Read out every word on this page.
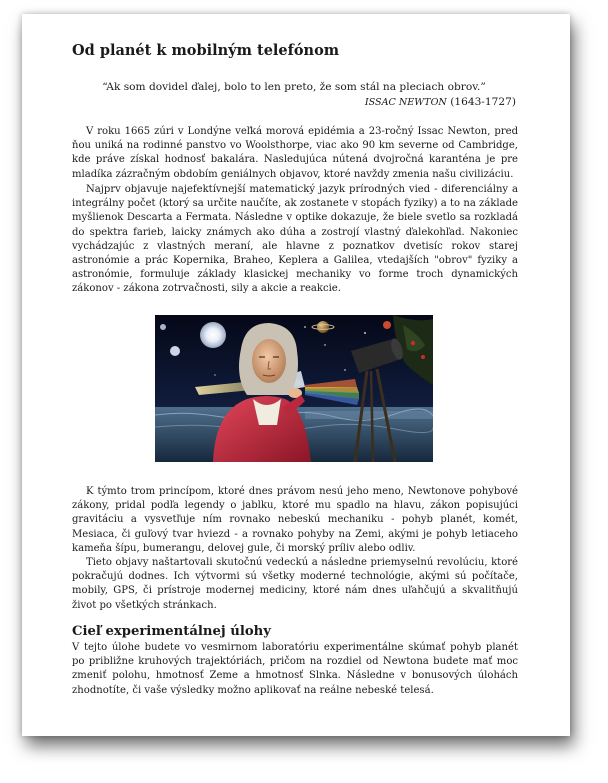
Od planét k mobilným telefónom
“Ak som dovidel ďalej, bolo to len preto, že som stál na pleciach obrov.”
ISSAC NEWTON (1643-1727)

V roku 1665 zúri v Londýne veľká morová epidémia a 23-ročný Issac Newton, pred ňou uniká na rodinné panstvo vo Woolsthorpe, viac ako 90 km severne od Cambridge, kde práve získal hodnosť bakalára. Nasledujúca nútená dvojročná karanténa je pre mladíka zázračným obdobím geniálnych objavov, ktoré navždy zmenia našu civilizáciu.

Najprv objavuje najefektívnejší matematický jazyk prírodných vied - diferenciálny a integrálny počet (ktorý sa určite naučíte, ak zostanete v stopách fyziky) a to na základe myšlienok Descarta a Fermata. Následne v optike dokazuje, že biele svetlo sa rozkladá do spektra farieb, laicky známych ako dúha a zostrojí vlastný ďalekohľad. Nakoniec vychádzajúc z vlastných meraní, ale hlavne z poznatkov dvetisíc rokov starej astronómie a prác Kopernika, Braheo, Keplera a Galilea, vtedajších "obrov" fyziky a astronómie, formuluje základy klasickej mechaniky vo forme troch dynamických zákonov - zákona zotrvačnosti, sily a akcie a reakcie.

K týmto trom princípom, ktoré dnes právom nesú jeho meno, Newtonove pohybové zákony, pridal podľa legendy o jablku, ktoré mu spadlo na hlavu, zákon popisujúci gravitáciu a vysvetľuje ním rovnako nebeskú mechaniku - pohyb planét, komét, Mesiaca, či guľový tvar hviezd - a rovnako pohyby na Zemi, akými je pohyb letiaceho kameňa šípu, bumerangu, delovej gule, či morský príliv alebo odliv.

Tieto objavy naštartovali skutočnú vedeckú a následne priemyselnú revolúciu, ktoré pokračujú dodnes. Ich výtvormi sú všetky moderné technológie, akými sú počítače, mobily, GPS, či prístroje modernej mediciny, ktoré nám dnes uľahčujú a skvalitňujú život po všetkých stránkach.

Cieľ experimentálnej úlohy

V tejto úlohe budete vo vesmirnom laboratóriu experimentálne skúmať pohyb planét po približne kruhových trajektóriách, pričom na rozdiel od Newtona budete mať moc zmeniť polohu, hmotnosť Zeme a hmotnosť Slnka. Následne v bonusových úlohách zhodnotíte, či vaše výsledky možno aplikovať na reálne nebeské telesá.
